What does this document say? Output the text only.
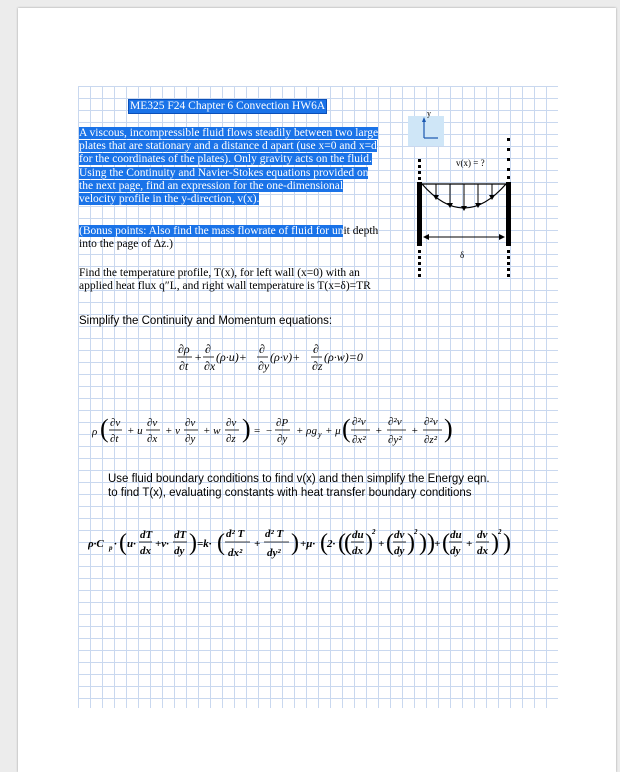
ME325 F24 Chapter 6 Convection HW6A
A viscous, incompressible fluid flows steadily between two large
plates that are stationary and a distance d apart (use x=0 and x=d
for the coordinates of the plates). Only gravity acts on the fluid.
Using the Continuity and Navier-Stokes equations provided on
the next page, find an expression for the one-dimensional
velocity profile in the y-direction, v(x).
(Bonus points: Also find the mass flowrate of fluid for unit depth
into the page of Δz.)
Find the temperature profile, T(x), for left wall (x=0) with an
applied heat flux q″L, and right wall temperature is T(x=δ)=TR
Simplify the Continuity and Momentum equations:
y
v(x) = ?
δ
∂ρ
∂t
+
∂
∂x
(ρ·u)+
∂
∂y
(ρ·v)+
∂
∂z
(ρ·w)=0
ρ ( ∂v
∂t
+ u
∂v
∂x
+ v
∂v
∂y
+ w
∂v
∂z ) = −
∂P
∂y
+ ρg y + μ ( ∂²v
∂x²
+
∂²v
∂y²
+
∂²v
∂z² )
Use fluid boundary conditions to find v(x) and then simplify the Energy eqn.
to find T(x), evaluating constants with heat transfer boundary conditions
ρ·C p · ( u·
dT
dx
+v·
dT
dy ) =k· ( d² T
dx²
+
d² T
dy² ) +μ· ( 2· (
( du
dx ) 2
+ ( dv
dy ) 2 ) ) + ( du
dy
+
dv
dx ) 2 )
